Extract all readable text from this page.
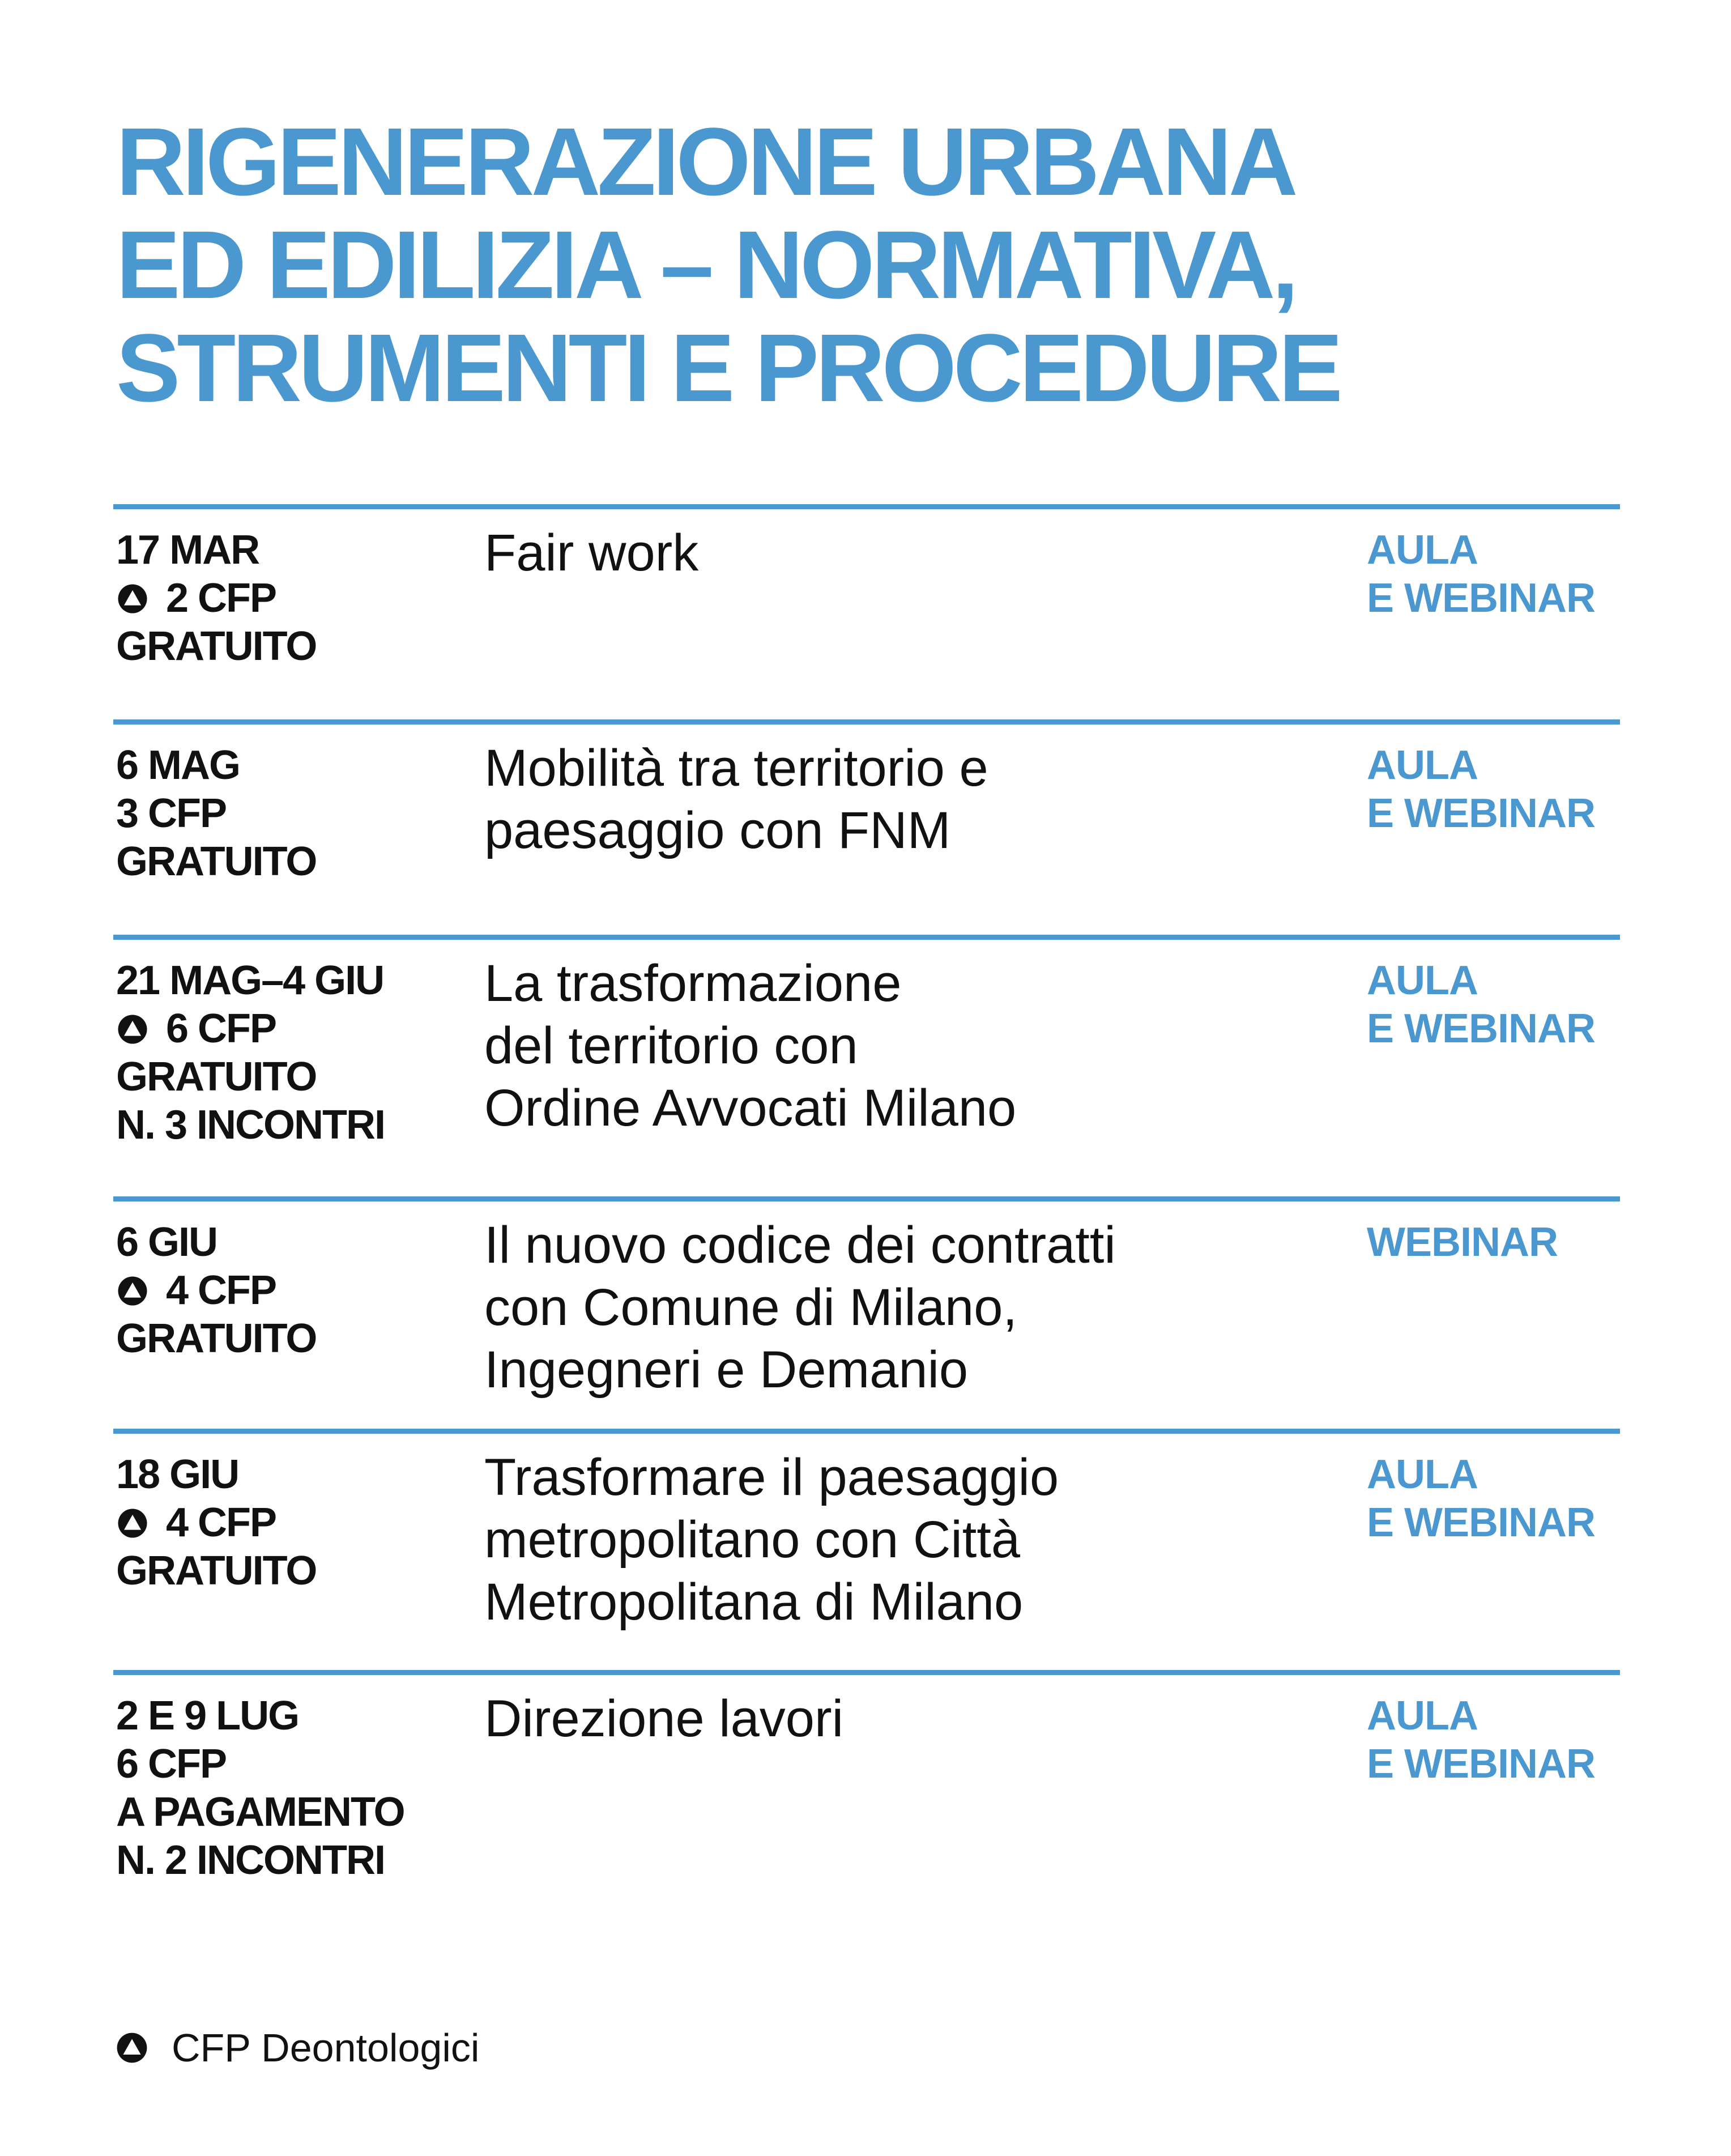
RIGENERAZIONE URBANA
ED EDILIZIA – NORMATIVA,
STRUMENTI E PROCEDURE
17 MAR
2 CFP
GRATUITO
Fair work	AULA
E WEBINAR
6 MAG
3 CFP
GRATUITO
Mobilità tra territorio e
paesaggio con FNM
AULA
E WEBINAR
21 MAG–4 GIU
6 CFP
GRATUITO
N. 3 INCONTRI
La trasformazione
del territorio con
Ordine Avvocati Milano
AULA
E WEBINAR
6 GIU
4 CFP
GRATUITO
Il nuovo codice dei contratti
con Comune di Milano,
Ingegneri e Demanio
WEBINAR
18 GIU
4 CFP
GRATUITO
Trasformare il paesaggio
metropolitano con Città
Metropolitana di Milano
AULA
E WEBINAR
2 E 9 LUG
6 CFP
A PAGAMENTO
N. 2 INCONTRI
Direzione lavori	AULA
E WEBINAR
CFP Deontologici
